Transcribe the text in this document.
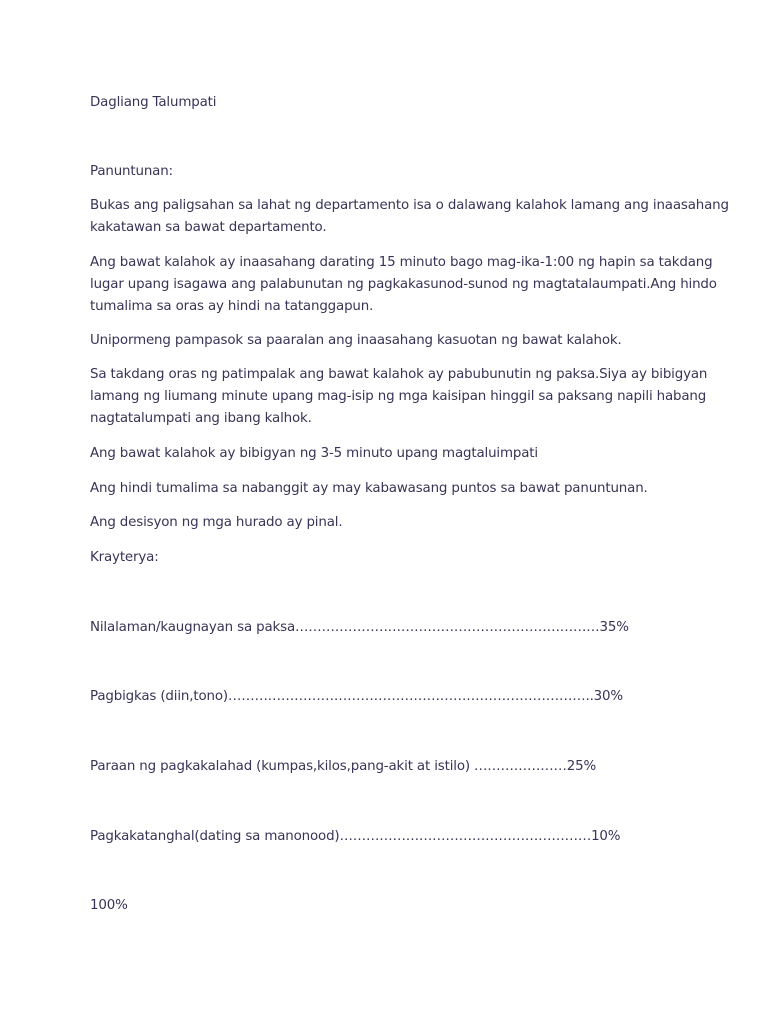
Dagliang Talumpati

Panuntunan:

Bukas ang paligsahan sa lahat ng departamento isa o dalawang kalahok lamang ang inaasahang
kakatawan sa bawat departamento.

Ang bawat kalahok ay inaasahang darating 15 minuto bago mag-ika-1:00 ng hapin sa takdang
lugar upang isagawa ang palabunutan ng pagkakasunod-sunod ng magtatalaumpati.Ang hindo
tumalima sa oras ay hindi na tatanggapun.

Unipormeng pampasok sa paaralan ang inaasahang kasuotan ng bawat kalahok.

Sa takdang oras ng patimpalak ang bawat kalahok ay pabubunutin ng paksa.Siya ay bibigyan
lamang ng liumang minute upang mag-isip ng mga kaisipan hinggil sa paksang napili habang
nagtatalumpati ang ibang kalhok.

Ang bawat kalahok ay bibigyan ng 3-5 minuto upang magtaluimpati

Ang hindi tumalima sa nabanggit ay may kabawasang puntos sa bawat panuntunan.

Ang desisyon ng mga hurado ay pinal.

Krayterya:

Nilalaman/kaugnayan sa paksa……………………………………………………………35%

Pagbigkas (diin,tono)………………………………………………………………………..30%

Paraan ng pagkakalahad (kumpas,kilos,pang-akit at istilo) …………………25%

Pagkakatanghal(dating sa manonood)…………………………………………………10%

100%
